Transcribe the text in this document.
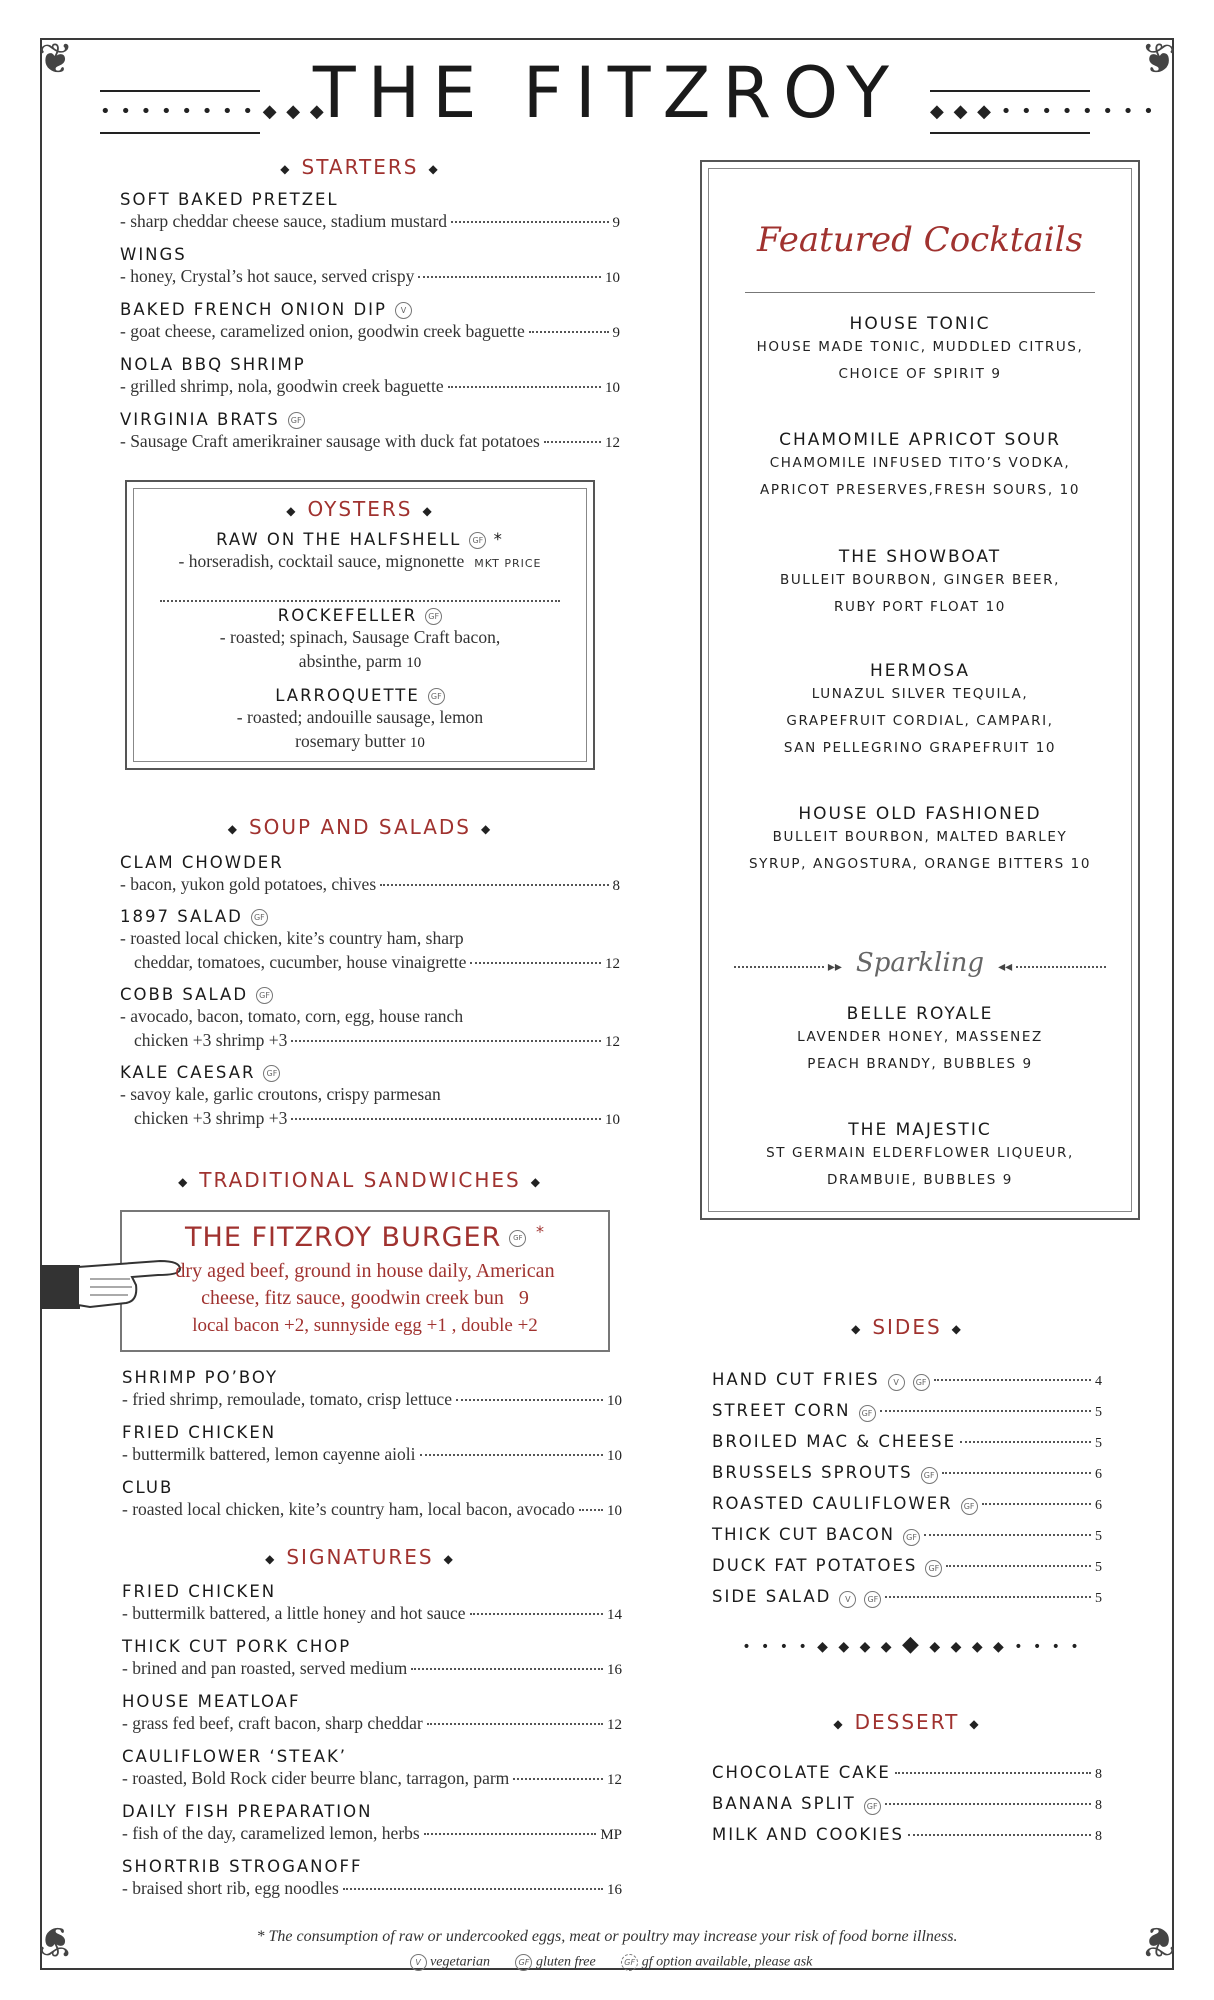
❦	❦
❦	❦

• • • • • • • • ◆ ◆ ◆	◆ ◆ ◆ • • • • • • • •

THE FITZROY
◆ STARTERS ◆
SOFT BAKED PRETZEL
- sharp cheddar cheese sauce, stadium mustard	9
WINGS
- honey, Crystal’s hot sauce, served crispy	10
BAKED FRENCH ONION DIP V
- goat cheese, caramelized onion, goodwin creek baguette	9
NOLA BBQ SHRIMP
- grilled shrimp, nola, goodwin creek baguette	10
VIRGINIA BRATS GF
- Sausage Craft amerikrainer sausage with duck fat potatoes	12
◆ OYSTERS ◆
RAW ON THE HALFSHELL GF *
- horseradish, cocktail sauce, mignonette MKT PRICE
ROCKEFELLER GF
- roasted; spinach, Sausage Craft bacon,
absinthe, parm 10
LARROQUETTE GF
- roasted; andouille sausage, lemon
rosemary butter 10
◆ SOUP AND SALADS ◆
CLAM CHOWDER
- bacon, yukon gold potatoes, chives	8
1897 SALAD GF
- roasted local chicken, kite’s country ham, sharp
cheddar, tomatoes, cucumber, house vinaigrette	12
COBB SALAD GF
- avocado, bacon, tomato, corn, egg, house ranch
chicken +3 shrimp +3	12
KALE CAESAR GF
- savoy kale, garlic croutons, crispy parmesan
chicken +3 shrimp +3	10
◆ TRADITIONAL SANDWICHES ◆
THE FITZROY BURGER GF *
dry aged beef, ground in house daily, American
cheese, fitz sauce, goodwin creek bun 9
local bacon +2, sunnyside egg +1 , double +2
SHRIMP PO’BOY
- fried shrimp, remoulade, tomato, crisp lettuce	10
FRIED CHICKEN
- buttermilk battered, lemon cayenne aioli	10
CLUB
- roasted local chicken, kite’s country ham, local bacon, avocado 10
◆ SIGNATURES ◆
FRIED CHICKEN
- buttermilk battered, a little honey and hot sauce	14
THICK CUT PORK CHOP
- brined and pan roasted, served medium	16
HOUSE MEATLOAF
- grass fed beef, craft bacon, sharp cheddar	12
CAULIFLOWER ‘STEAK’
- roasted, Bold Rock cider beurre blanc, tarragon, parm	12
DAILY FISH PREPARATION
- fish of the day, caramelized lemon, herbs	MP
SHORTRIB STROGANOFF
- braised short rib, egg noodles	16
Featured Cocktails
HOUSE TONIC
HOUSE MADE TONIC, MUDDLED CITRUS,
CHOICE OF SPIRIT 9
CHAMOMILE APRICOT SOUR
CHAMOMILE INFUSED TITO’S VODKA,
APRICOT PRESERVES,FRESH SOURS, 10
THE SHOWBOAT
BULLEIT BOURBON, GINGER BEER,
RUBY PORT FLOAT 10
HERMOSA
LUNAZUL SILVER TEQUILA,
GRAPEFRUIT CORDIAL, CAMPARI,
SAN PELLEGRINO GRAPEFRUIT 10
HOUSE OLD FASHIONED
BULLEIT BOURBON, MALTED BARLEY
SYRUP, ANGOSTURA, ORANGE BITTERS 10
▸▸ Sparkling ◂◂
BELLE ROYALE
LAVENDER HONEY, MASSENEZ
PEACH BRANDY, BUBBLES 9
THE MAJESTIC
ST GERMAIN ELDERFLOWER LIQUEUR,
DRAMBUIE, BUBBLES 9
◆ SIDES ◆
HAND CUT FRIES	V	GF	4
STREET CORN	GF	5
BROILED MAC & CHEESE	5
BRUSSELS SPROUTS	GF	6
ROASTED CAULIFLOWER	GF	6
THICK CUT BACON	GF	5
DUCK FAT POTATOES	GF	5
SIDE SALAD	V	GF	5
• • • • ◆ ◆ ◆ ◆ ◆ ◆ ◆ ◆ ◆ • • • •
◆ DESSERT ◆
CHOCOLATE CAKE	8
BANANA SPLIT	GF	8
MILK AND COOKIES	8
* The consumption of raw or undercooked eggs, meat or poultry may increase your risk of food borne illness.
V vegetarian	GF gluten free	GF gf option available, please ask
